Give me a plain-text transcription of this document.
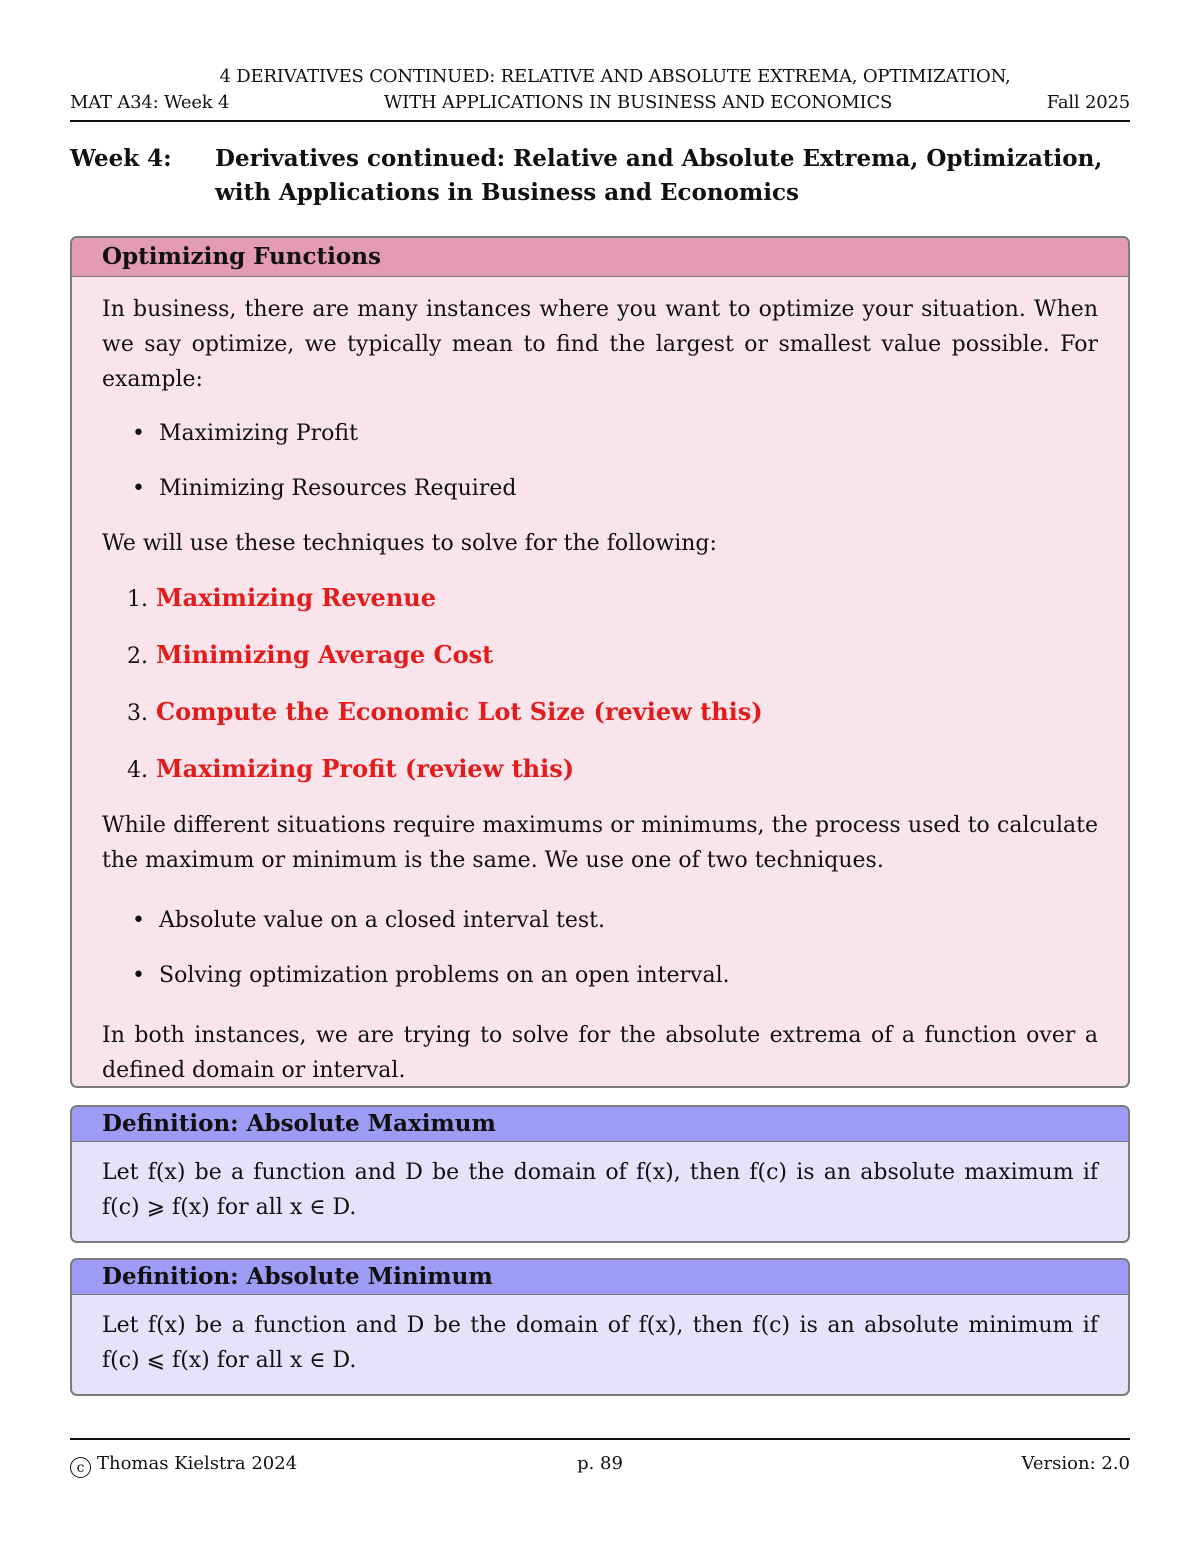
4 DERIVATIVES CONTINUED: RELATIVE AND ABSOLUTE EXTREMA, OPTIMIZATION,
MAT A34: Week 4	WITH APPLICATIONS IN BUSINESS AND ECONOMICS	Fall 2025
Week 4:	Derivatives continued: Relative and Absolute Extrema, Optimization, with Applications in Business and Economics
Optimizing Functions

In business, there are many instances where you want to optimize your situation. When we say optimize, we typically mean to find the largest or smallest value possible. For example:

• Maximizing Profit
• Minimizing Resources Required

We will use these techniques to solve for the following:

1. Maximizing Revenue
2. Minimizing Average Cost
3. Compute the Economic Lot Size (review this)
4. Maximizing Profit (review this)

While different situations require maximums or minimums, the process used to calculate the maximum or minimum is the same. We use one of two techniques.

• Absolute value on a closed interval test.
• Solving optimization problems on an open interval.

In both instances, we are trying to solve for the absolute extrema of a function over a defined domain or interval.

Definition: Absolute Maximum

Let f(x) be a function and D be the domain of f(x), then f(c) is an absolute maximum if f(c) ⩾ f(x) for all x ∈ D.

Definition: Absolute Minimum

Let f(x) be a function and D be the domain of f(x), then f(c) is an absolute minimum if f(c) ⩽ f(x) for all x ∈ D.

c Thomas Kielstra 2024	p. 89	Version: 2.0
